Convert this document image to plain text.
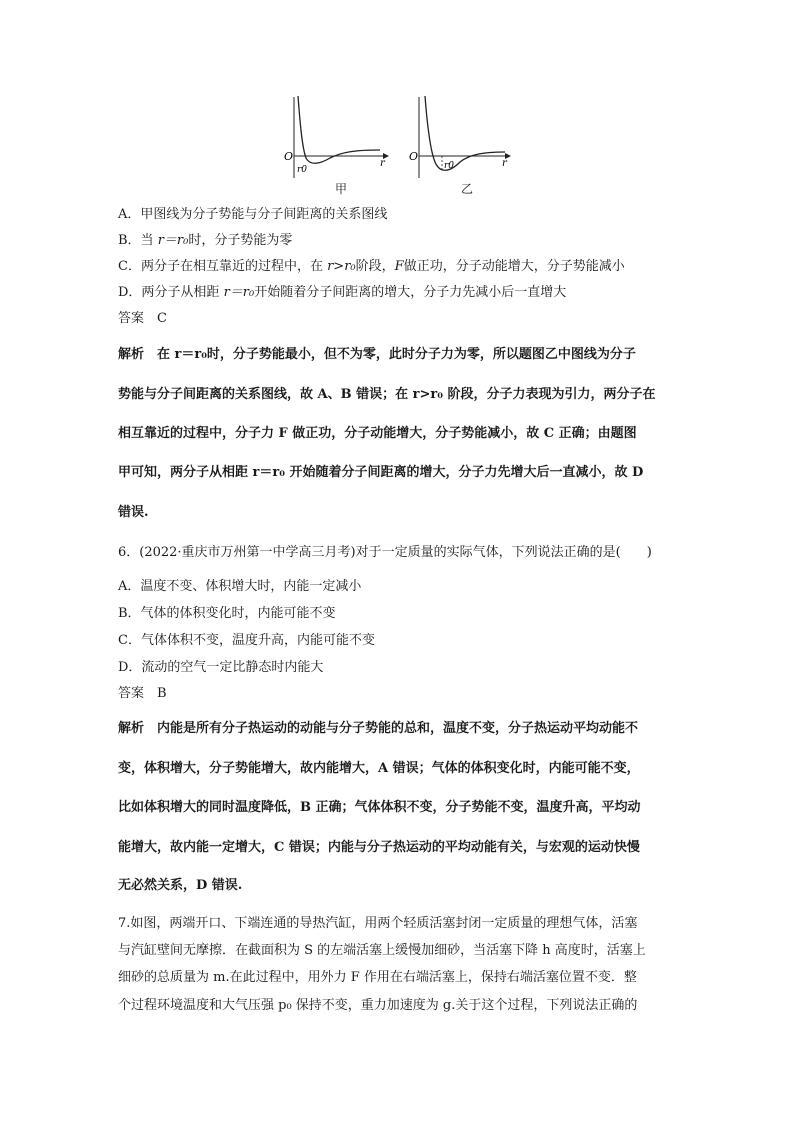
O
r0
r
甲
O
r0	r
乙
A．甲图线为分子势能与分子间距离的关系图线
B．当 r＝r₀时，分子势能为零
C．两分子在相互靠近的过程中，在 r>r₀阶段，F做正功，分子动能增大，分子势能减小
D．两分子从相距 r＝r₀开始随着分子间距离的增大，分子力先减小后一直增大
答案　C
解析　在 r＝r₀时，分子势能最小，但不为零，此时分子力为零，所以题图乙中图线为分子
势能与分子间距离的关系图线，故 A、B 错误；在 r>r₀ 阶段，分子力表现为引力，两分子在
相互靠近的过程中，分子力 F 做正功，分子动能增大，分子势能减小，故 C 正确；由题图
甲可知，两分子从相距 r＝r₀ 开始随着分子间距离的增大，分子力先增大后一直减小，故 D
错误.
6．(2022·重庆市万州第一中学高三月考)对于一定质量的实际气体，下列说法正确的是(　　)
A．温度不变、体积增大时，内能一定减小
B．气体的体积变化时，内能可能不变
C．气体体积不变，温度升高，内能可能不变
D．流动的空气一定比静态时内能大
答案　B
解析　内能是所有分子热运动的动能与分子势能的总和，温度不变，分子热运动平均动能不
变，体积增大，分子势能增大，故内能增大，A 错误；气体的体积变化时，内能可能不变，
比如体积增大的同时温度降低，B 正确；气体体积不变，分子势能不变，温度升高，平均动
能增大，故内能一定增大，C 错误；内能与分子热运动的平均动能有关，与宏观的运动快慢
无必然关系，D 错误.
7.如图，两端开口、下端连通的导热汽缸，用两个轻质活塞封闭一定质量的理想气体，活塞
与汽缸壁间无摩擦．在截面积为 S 的左端活塞上缓慢加细砂，当活塞下降 h 高度时，活塞上
细砂的总质量为 m.在此过程中，用外力 F 作用在右端活塞上，保持右端活塞位置不变．整
个过程环境温度和大气压强 p₀ 保持不变，重力加速度为 g.关于这个过程，下列说法正确的
